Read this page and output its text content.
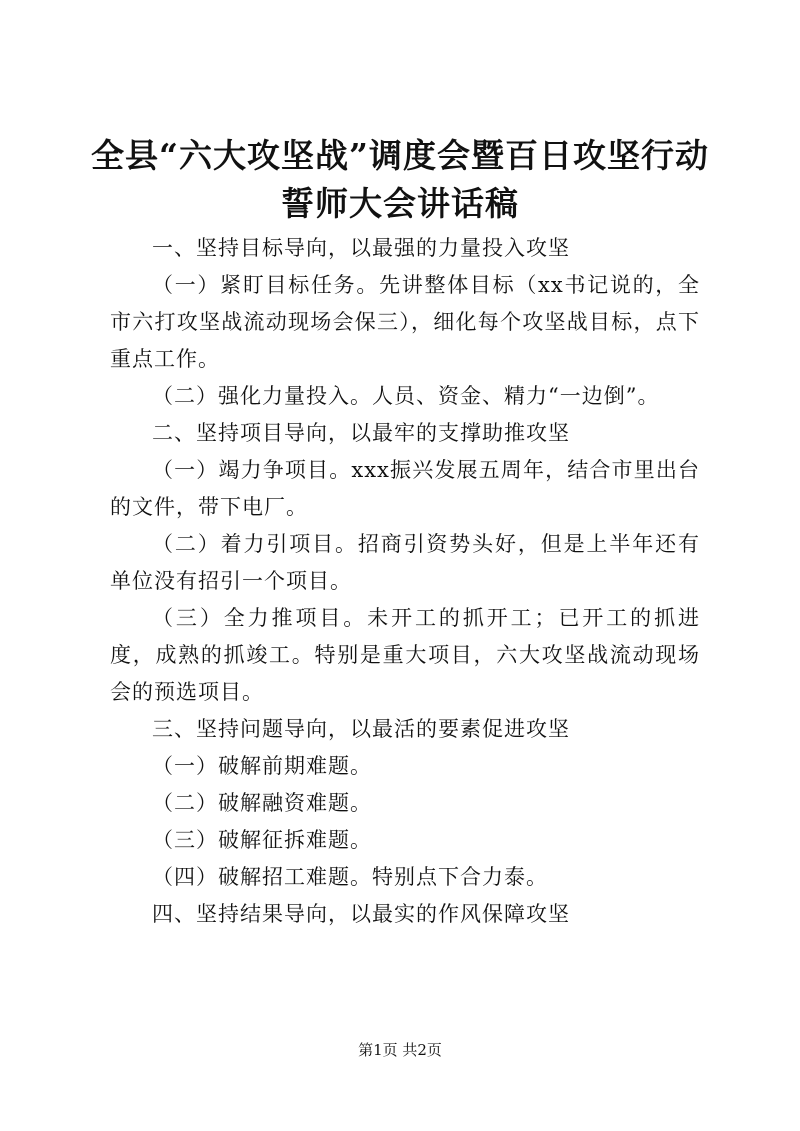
全县“六大攻坚战”调度会暨百日攻坚行动誓师大会讲话稿

一、坚持目标导向，以最强的力量投入攻坚

（一）紧盯目标任务。先讲整体目标（xx书记说的，全市六打攻坚战流动现场会保三），细化每个攻坚战目标，点下重点工作。

（二）强化力量投入。人员、资金、精力“一边倒”。

二、坚持项目导向，以最牢的支撑助推攻坚

（一）竭力争项目。xxx振兴发展五周年，结合市里出台的文件，带下电厂。

（二）着力引项目。招商引资势头好，但是上半年还有单位没有招引一个项目。

（三）全力推项目。未开工的抓开工；已开工的抓进度，成熟的抓竣工。特别是重大项目，六大攻坚战流动现场会的预选项目。

三、坚持问题导向，以最活的要素促进攻坚

（一）破解前期难题。

（二）破解融资难题。

（三）破解征拆难题。

（四）破解招工难题。特别点下合力泰。

四、坚持结果导向，以最实的作风保障攻坚

第1页 共2页
